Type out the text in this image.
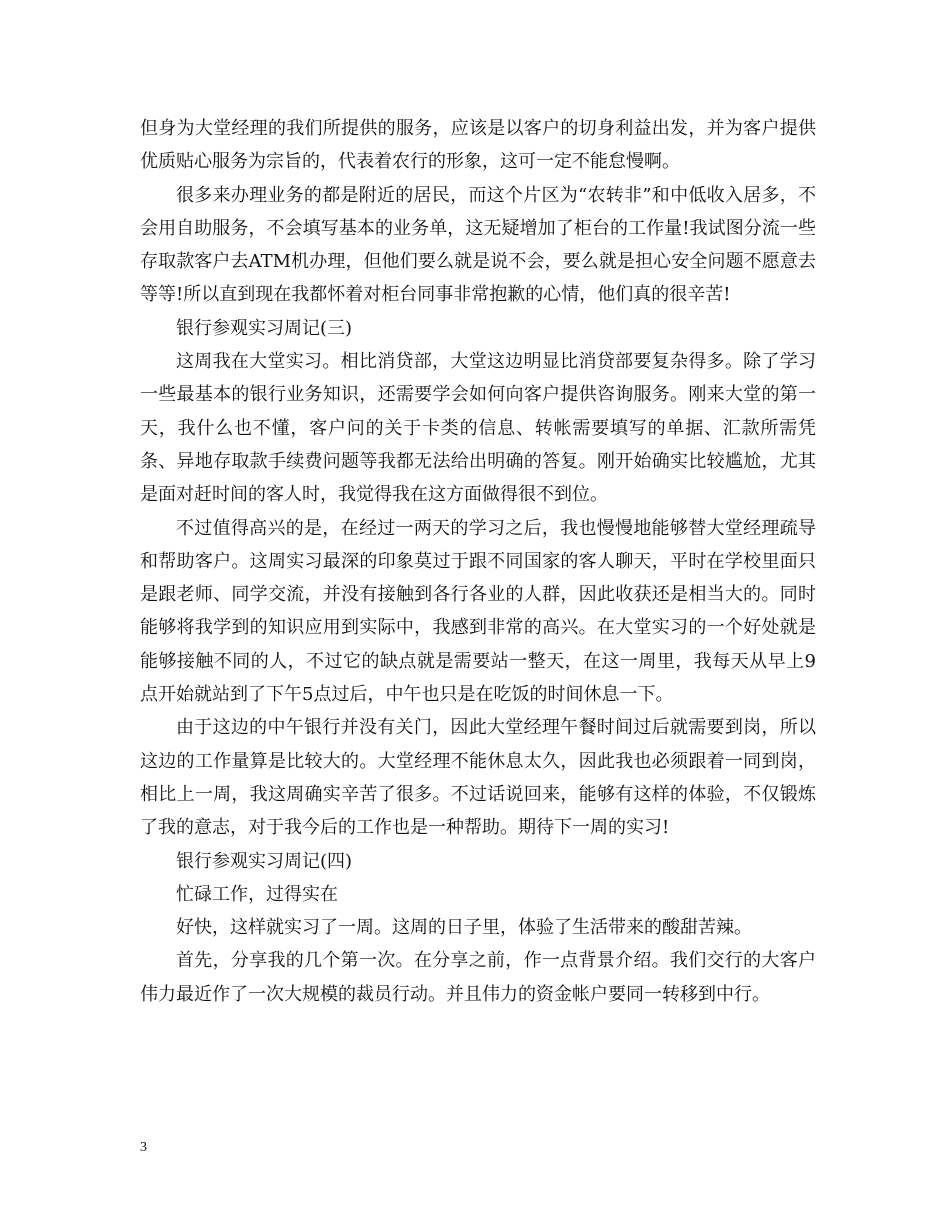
但身为大堂经理的我们所提供的服务，应该是以客户的切身利益出发，并为客户提供优质贴心服务为宗旨的，代表着农行的形象，这可一定不能怠慢啊。

很多来办理业务的都是附近的居民，而这个片区为“农转非”和中低收入居多，不会用自助服务，不会填写基本的业务单，这无疑增加了柜台的工作量!我试图分流一些存取款客户去ATM机办理，但他们要么就是说不会，要么就是担心安全问题不愿意去等等!所以直到现在我都怀着对柜台同事非常抱歉的心情，他们真的很辛苦!

银行参观实习周记(三)

这周我在大堂实习。相比消贷部，大堂这边明显比消贷部要复杂得多。除了学习一些最基本的银行业务知识，还需要学会如何向客户提供咨询服务。刚来大堂的第一天，我什么也不懂，客户问的关于卡类的信息、转帐需要填写的单据、汇款所需凭条、异地存取款手续费问题等我都无法给出明确的答复。刚开始确实比较尴尬，尤其是面对赶时间的客人时，我觉得我在这方面做得很不到位。

不过值得高兴的是，在经过一两天的学习之后，我也慢慢地能够替大堂经理疏导和帮助客户。这周实习最深的印象莫过于跟不同国家的客人聊天，平时在学校里面只是跟老师、同学交流，并没有接触到各行各业的人群，因此收获还是相当大的。同时能够将我学到的知识应用到实际中，我感到非常的高兴。在大堂实习的一个好处就是能够接触不同的人，不过它的缺点就是需要站一整天，在这一周里，我每天从早上9点开始就站到了下午5点过后，中午也只是在吃饭的时间休息一下。

由于这边的中午银行并没有关门，因此大堂经理午餐时间过后就需要到岗，所以这边的工作量算是比较大的。大堂经理不能休息太久，因此我也必须跟着一同到岗，相比上一周，我这周确实辛苦了很多。不过话说回来，能够有这样的体验，不仅锻炼了我的意志，对于我今后的工作也是一种帮助。期待下一周的实习!

银行参观实习周记(四)

忙碌工作，过得实在

好快，这样就实习了一周。这周的日子里，体验了生活带来的酸甜苦辣。

首先，分享我的几个第一次。在分享之前，作一点背景介绍。我们交行的大客户伟力最近作了一次大规模的裁员行动。并且伟力的资金帐户要同一转移到中行。

3
